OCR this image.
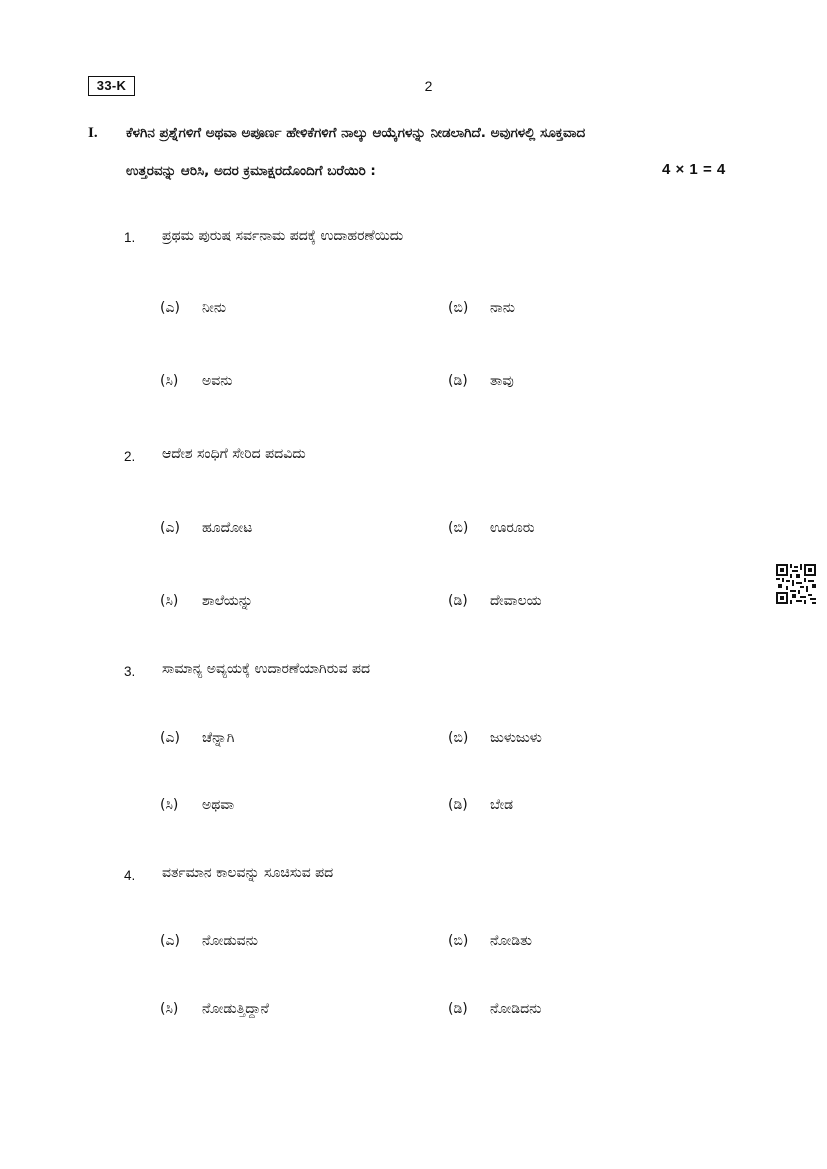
33-K	2
I. ಕೆಳಗಿನ ಪ್ರಶ್ನೆಗಳಿಗೆ ಅಥವಾ ಅಪೂರ್ಣ ಹೇಳಿಕೆಗಳಿಗೆ ನಾಲ್ಕು ಆಯ್ಕೆಗಳನ್ನು ನೀಡಲಾಗಿದೆ. ಅವುಗಳಲ್ಲಿ ಸೂಕ್ತವಾದ
ಉತ್ತರವನ್ನು ಆರಿಸಿ, ಅದರ ಕ್ರಮಾಕ್ಷರದೊಂದಿಗೆ ಬರೆಯಿರಿ :	4 × 1 = 4
1. ಪ್ರಥಮ ಪುರುಷ ಸರ್ವನಾಮ ಪದಕ್ಕೆ ಉದಾಹರಣೆಯಿದು
(ಎ) ನೀನು	(ಬಿ) ನಾನು
(ಸಿ) ಅವನು	(ಡಿ) ತಾವು
2. ಆದೇಶ ಸಂಧಿಗೆ ಸೇರಿದ ಪದವಿದು
(ಎ) ಹೂದೋಟ	(ಬಿ) ಊರೂರು
(ಸಿ) ಶಾಲೆಯನ್ನು	(ಡಿ) ದೇವಾಲಯ
3. ಸಾಮಾನ್ಯ ಅವ್ಯಯಕ್ಕೆ ಉದಾರಣೆಯಾಗಿರುವ ಪದ
(ಎ) ಚೆನ್ನಾಗಿ	(ಬಿ) ಜುಳುಜುಳು
(ಸಿ) ಅಥವಾ	(ಡಿ) ಬೇಡ
4. ವರ್ತಮಾನ ಕಾಲವನ್ನು ಸೂಚಿಸುವ ಪದ
(ಎ) ನೋಡುವನು	(ಬಿ) ನೋಡಿತು
(ಸಿ) ನೋಡುತ್ತಿದ್ದಾನೆ	(ಡಿ) ನೋಡಿದನು
